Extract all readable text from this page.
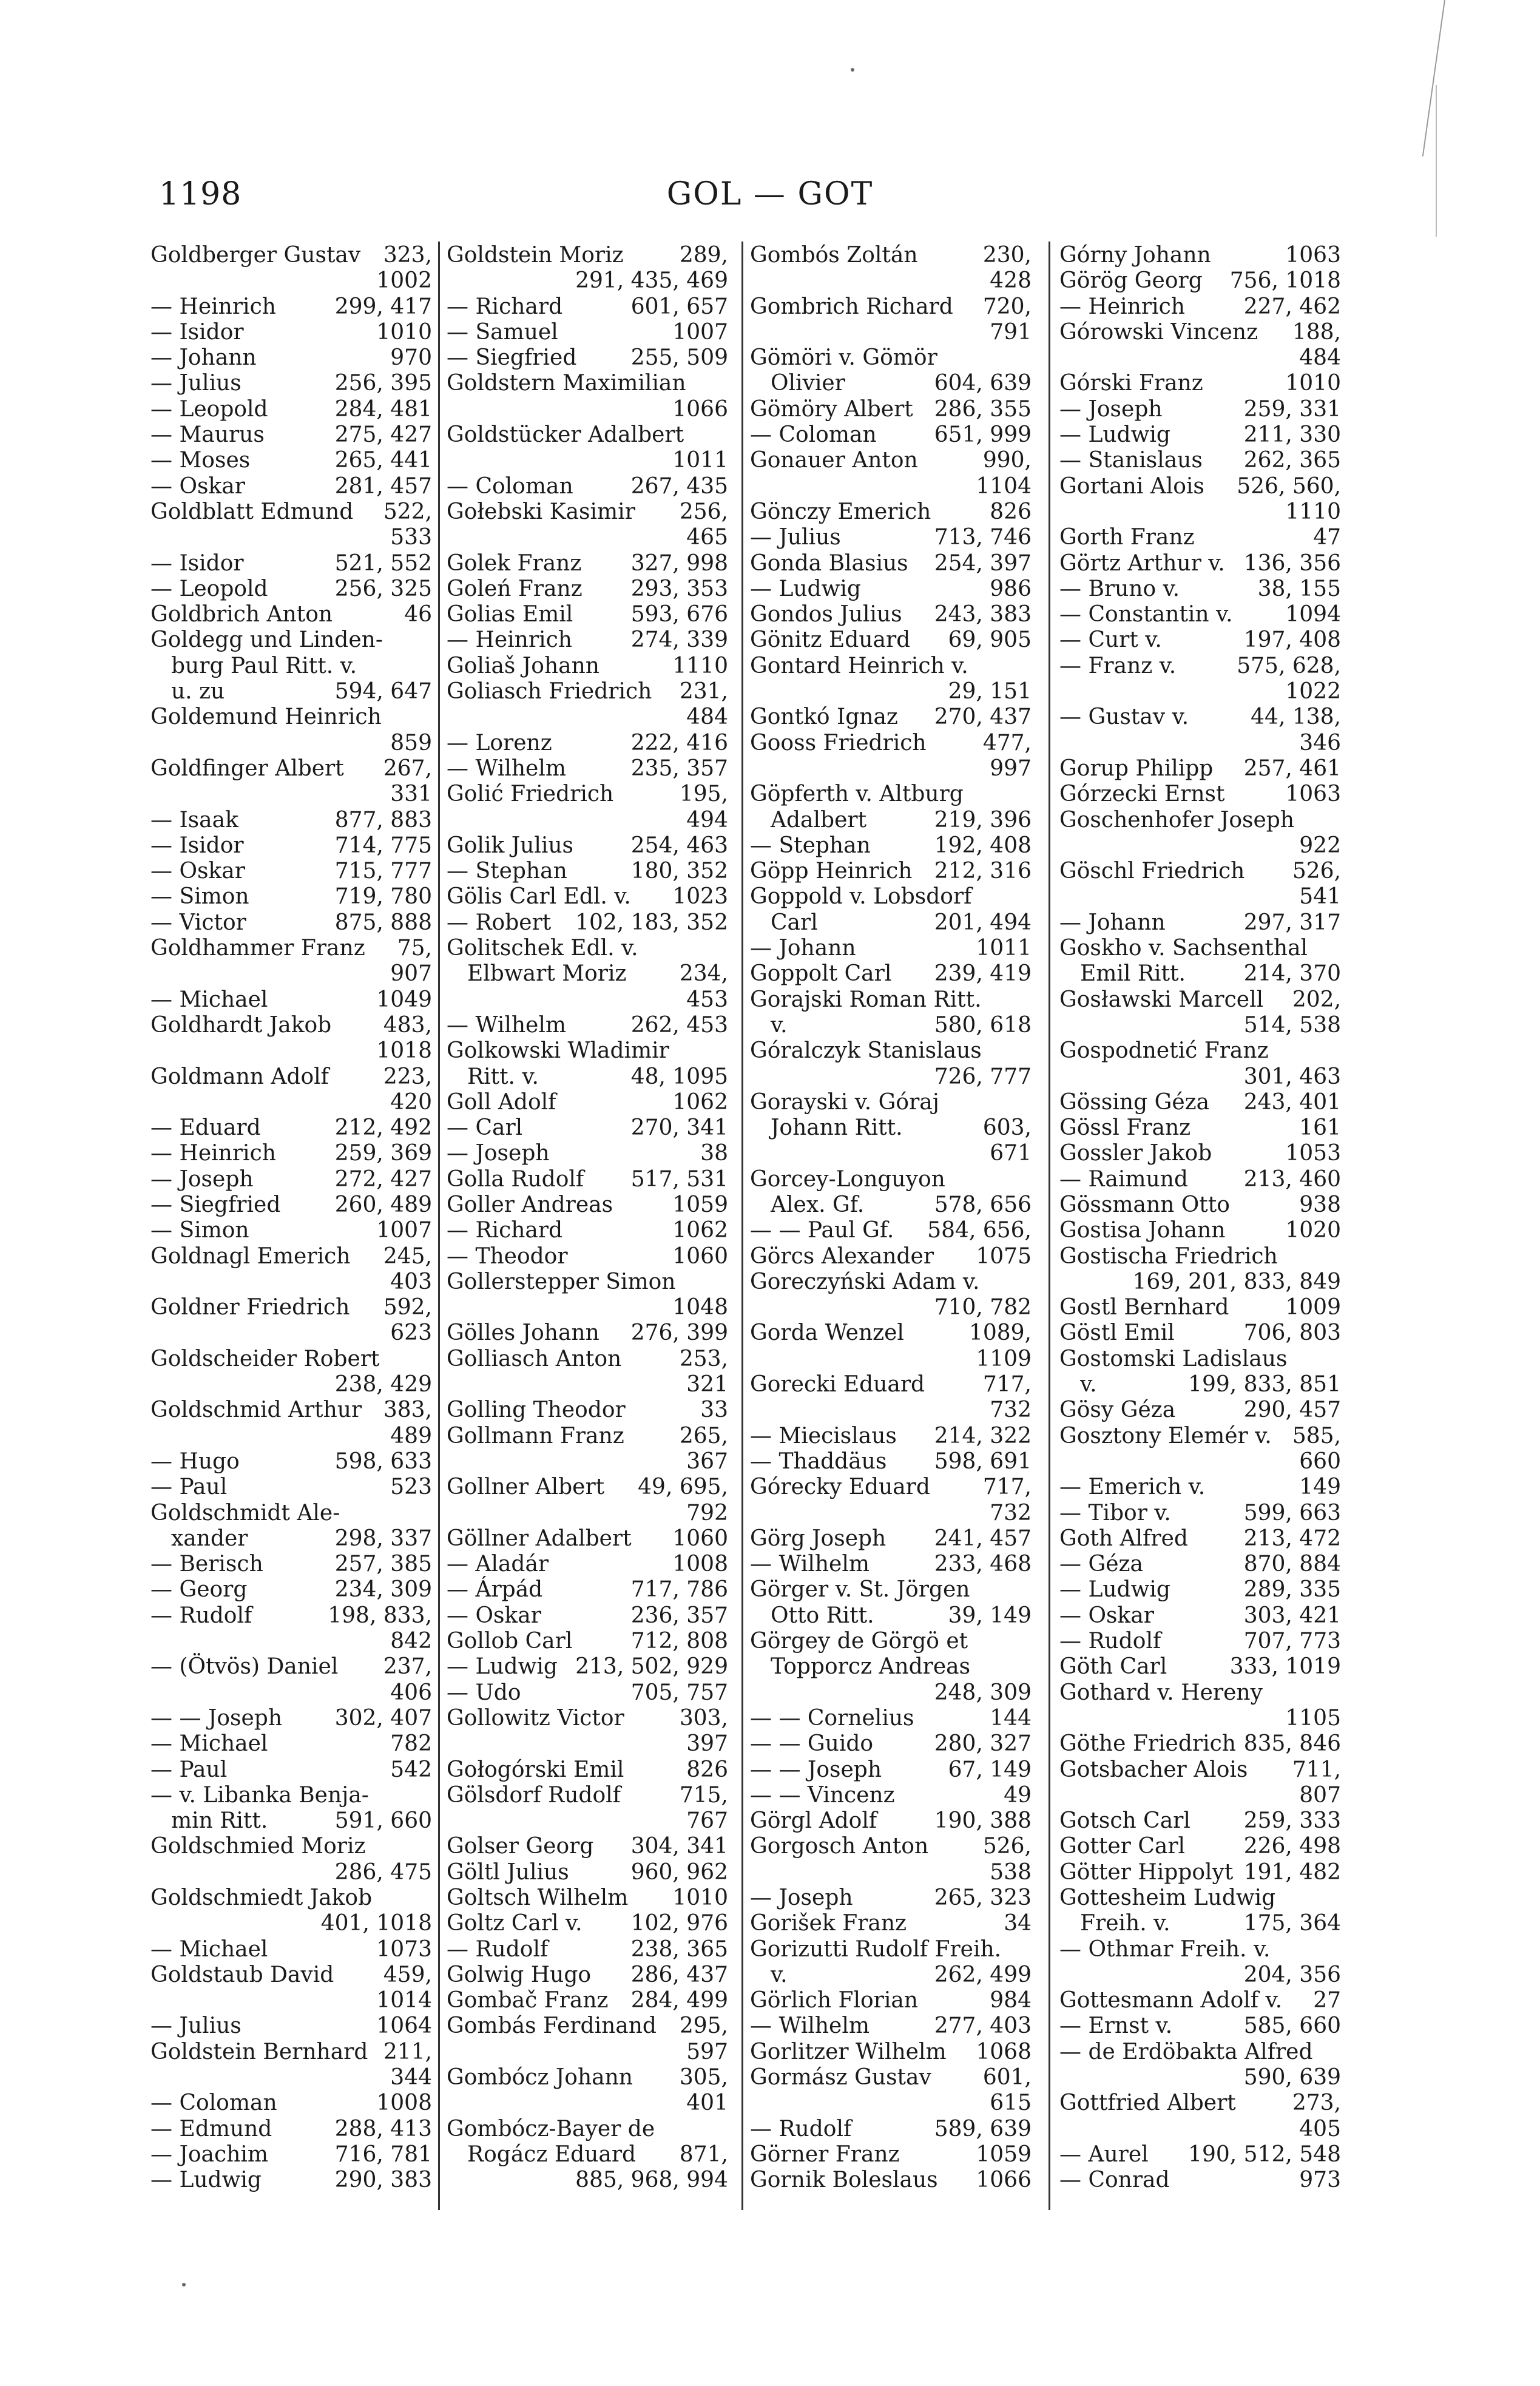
1198	GOL — GOT
323,
Goldberger Gustav
1002
299, 417
— Heinrich
1010
— Isidor
970
— Johann
256, 395
— Julius
284, 481
— Leopold
275, 427
— Maurus
265, 441
— Moses
281, 457
— Oskar
522,
Goldblatt Edmund
533
521, 552
— Isidor
256, 325
— Leopold
46
Goldbrich Anton
Goldegg und Linden-
burg Paul Ritt. v.
594, 647
u. zu
Goldemund Heinrich
859
267,
Goldfinger Albert
331
877, 883
— Isaak
714, 775
— Isidor
715, 777
— Oskar
719, 780
— Simon
875, 888
— Victor
75,
Goldhammer Franz
907
1049
— Michael
483,
Goldhardt Jakob
1018
223,
Goldmann Adolf
420
212, 492
— Eduard
259, 369
— Heinrich
272, 427
— Joseph
260, 489
— Siegfried
1007
— Simon
245,
Goldnagl Emerich
403
592,
Goldner Friedrich
623
Goldscheider Robert
238, 429
383,
Goldschmid Arthur
489
598, 633
— Hugo
523
— Paul
Goldschmidt Ale-
298, 337
xander
257, 385
— Berisch
234, 309
— Georg
198, 833,
— Rudolf
842
237,
— (Ötvös) Daniel
406
302, 407
— — Joseph
782
— Michael
542
— Paul
— v. Libanka Benja-
591, 660
min Ritt.
Goldschmied Moriz
286, 475
Goldschmiedt Jakob
401, 1018
1073
— Michael
459,
Goldstaub David
1014
1064
— Julius
211,
Goldstein Bernhard
344
1008
— Coloman
288, 413
— Edmund
716, 781
— Joachim
290, 383
— Ludwig
289,
Goldstein Moriz
291, 435, 469
601, 657
— Richard
1007
— Samuel
255, 509
— Siegfried
Goldstern Maximilian
1066
Goldstücker Adalbert
1011
267, 435
— Coloman
256,
Gołebski Kasimir
465
327, 998
Golek Franz
293, 353
Goleń Franz
593, 676
Golias Emil
274, 339
— Heinrich
1110
Goliaš Johann
231,
Goliasch Friedrich
484
222, 416
— Lorenz
235, 357
— Wilhelm
195,
Golić Friedrich
494
254, 463
Golik Julius
180, 352
— Stephan
1023
Gölis Carl Edl. v.
102, 183, 352
— Robert
Golitschek Edl. v.
234,
Elbwart Moriz
453
262, 453
— Wilhelm
Golkowski Wladimir
48, 1095
Ritt. v.
1062
Goll Adolf
270, 341
— Carl
38
— Joseph
517, 531
Golla Rudolf
1059
Goller Andreas
1062
— Richard
1060
— Theodor
Gollerstepper Simon
1048
276, 399
Gölles Johann
253,
Golliasch Anton
321
33
Golling Theodor
265,
Gollmann Franz
367
49, 695,
Gollner Albert
792
1060
Göllner Adalbert
1008
— Aladár
717, 786
— Árpád
236, 357
— Oskar
712, 808
Gollob Carl
213, 502, 929
— Ludwig
705, 757
— Udo
303,
Gollowitz Victor
397
826
Gołogórski Emil
715,
Gölsdorf Rudolf
767
304, 341
Golser Georg
960, 962
Göltl Julius
1010
Goltsch Wilhelm
102, 976
Goltz Carl v.
238, 365
— Rudolf
286, 437
Golwig Hugo
284, 499
Gombač Franz
295,
Gombás Ferdinand
597
305,
Gombócz Johann
401
Gombócz-Bayer de
871,
Rogácz Eduard
885, 968, 994
230,
Gombós Zoltán
428
720,
Gombrich Richard
791
Gömöri v. Gömör
604, 639
Olivier
286, 355
Gömöry Albert
651, 999
— Coloman
990,
Gonauer Anton
1104
826
Gönczy Emerich
713, 746
— Julius
254, 397
Gonda Blasius
986
— Ludwig
243, 383
Gondos Julius
69, 905
Gönitz Eduard
Gontard Heinrich v.
29, 151
270, 437
Gontkó Ignaz
477,
Gooss Friedrich
997
Göpferth v. Altburg
219, 396
Adalbert
192, 408
— Stephan
212, 316
Göpp Heinrich
Goppold v. Lobsdorf
201, 494
Carl
1011
— Johann
239, 419
Goppolt Carl
Gorajski Roman Ritt.
580, 618
v.
Góralczyk Stanislaus
726, 777
Gorayski v. Góraj
603,
Johann Ritt.
671
Gorcey-Longuyon
578, 656
Alex. Gf.
584, 656,
— — Paul Gf.
1075
Görcs Alexander
Goreczyński Adam v.
710, 782
1089,
Gorda Wenzel
1109
717,
Gorecki Eduard
732
214, 322
— Miecislaus
598, 691
— Thaddäus
717,
Górecky Eduard
732
241, 457
Görg Joseph
233, 468
— Wilhelm
Görger v. St. Jörgen
39, 149
Otto Ritt.
Görgey de Görgö et
Topporcz Andreas
248, 309
144
— — Cornelius
280, 327
— — Guido
67, 149
— — Joseph
49
— — Vincenz
190, 388
Görgl Adolf
526,
Gorgosch Anton
538
265, 323
— Joseph
34
Gorišek Franz
Gorizutti Rudolf Freih.
262, 499
v.
984
Görlich Florian
277, 403
— Wilhelm
1068
Gorlitzer Wilhelm
601,
Gormász Gustav
615
589, 639
— Rudolf
1059
Görner Franz
1066
Gornik Boleslaus
1063
Górny Johann
756, 1018
Görög Georg
227, 462
— Heinrich
188,
Górowski Vincenz
484
1010
Górski Franz
259, 331
— Joseph
211, 330
— Ludwig
262, 365
— Stanislaus
526, 560,
Gortani Alois
1110
47
Gorth Franz
136, 356
Görtz Arthur v.
38, 155
— Bruno v.
1094
— Constantin v.
197, 408
— Curt v.
575, 628,
— Franz v.
1022
44, 138,
— Gustav v.
346
257, 461
Gorup Philipp
1063
Górzecki Ernst
Goschenhofer Joseph
922
526,
Göschl Friedrich
541
297, 317
— Johann
Goskho v. Sachsenthal
214, 370
Emil Ritt.
202,
Gosławski Marcell
514, 538
Gospodnetić Franz
301, 463
243, 401
Gössing Géza
161
Gössl Franz
1053
Gossler Jakob
213, 460
— Raimund
938
Gössmann Otto
1020
Gostisa Johann
Gostischa Friedrich
169, 201, 833, 849
1009
Gostl Bernhard
706, 803
Göstl Emil
Gostomski Ladislaus
199, 833, 851
v.
290, 457
Gösy Géza
585,
Gosztony Elemér v.
660
149
— Emerich v.
599, 663
— Tibor v.
213, 472
Goth Alfred
870, 884
— Géza
289, 335
— Ludwig
303, 421
— Oskar
707, 773
— Rudolf
333, 1019
Göth Carl
Gothard v. Hereny
1105
835, 846
Göthe Friedrich
711,
Gotsbacher Alois
807
259, 333
Gotsch Carl
226, 498
Gotter Carl
191, 482
Götter Hippolyt
Gottesheim Ludwig
175, 364
Freih. v.
— Othmar Freih. v.
204, 356
27
Gottesmann Adolf v.
585, 660
— Ernst v.
— de Erdöbakta Alfred
590, 639
273,
Gottfried Albert
405
190, 512, 548
— Aurel
973
— Conrad
